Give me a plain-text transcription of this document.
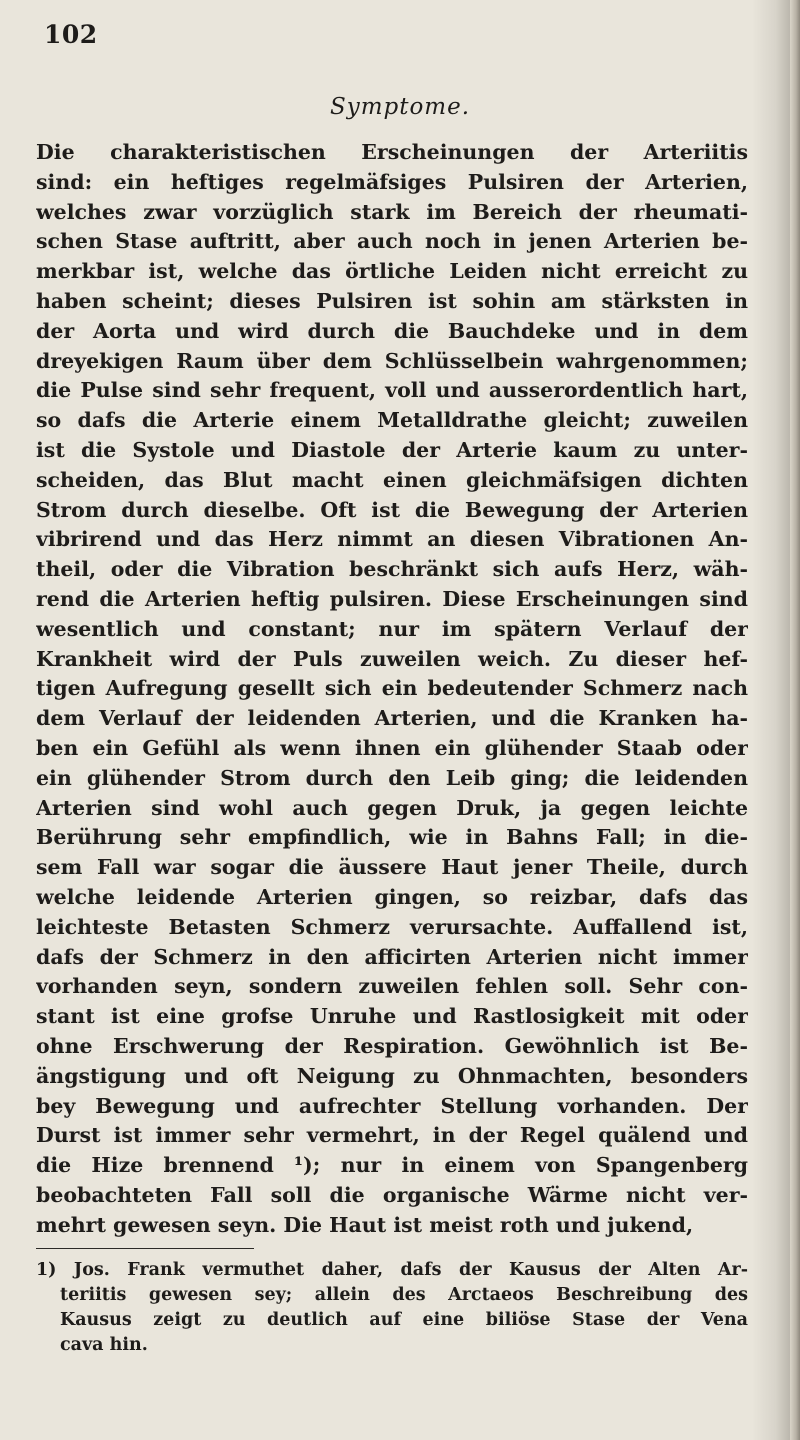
102
Symptome.
Die charakteristischen Erscheinungen der Arteriitis
sind: ein heftiges regelmäfsiges Pulsiren der Arterien,
welches zwar vorzüglich stark im Bereich der rheumati-
schen Stase auftritt, aber auch noch in jenen Arterien be-
merkbar ist, welche das örtliche Leiden nicht erreicht zu
haben scheint; dieses Pulsiren ist sohin am stärksten in
der Aorta und wird durch die Bauchdeke und in dem
dreyekigen Raum über dem Schlüsselbein wahrgenommen;
die Pulse sind sehr frequent, voll und ausserordentlich hart,
so dafs die Arterie einem Metalldrathe gleicht; zuweilen
ist die Systole und Diastole der Arterie kaum zu unter-
scheiden, das Blut macht einen gleichmäfsigen dichten
Strom durch dieselbe. Oft ist die Bewegung der Arterien
vibrirend und das Herz nimmt an diesen Vibrationen An-
theil, oder die Vibration beschränkt sich aufs Herz, wäh-
rend die Arterien heftig pulsiren. Diese Erscheinungen sind
wesentlich und constant; nur im spätern Verlauf der
Krankheit wird der Puls zuweilen weich. Zu dieser hef-
tigen Aufregung gesellt sich ein bedeutender Schmerz nach
dem Verlauf der leidenden Arterien, und die Kranken ha-
ben ein Gefühl als wenn ihnen ein glühender Staab oder
ein glühender Strom durch den Leib ging; die leidenden
Arterien sind wohl auch gegen Druk, ja gegen leichte
Berührung sehr empfindlich, wie in Bahns Fall; in die-
sem Fall war sogar die äussere Haut jener Theile, durch
welche leidende Arterien gingen, so reizbar, dafs das
leichteste Betasten Schmerz verursachte. Auffallend ist,
dafs der Schmerz in den afficirten Arterien nicht immer
vorhanden seyn, sondern zuweilen fehlen soll. Sehr con-
stant ist eine grofse Unruhe und Rastlosigkeit mit oder
ohne Erschwerung der Respiration. Gewöhnlich ist Be-
ängstigung und oft Neigung zu Ohnmachten, besonders
bey Bewegung und aufrechter Stellung vorhanden. Der
Durst ist immer sehr vermehrt, in der Regel quälend und
die Hize brennend ¹); nur in einem von Spangenberg
beobachteten Fall soll die organische Wärme nicht ver-
mehrt gewesen seyn. Die Haut ist meist roth und jukend,
1) Jos. Frank vermuthet daher, dafs der Kausus der Alten Ar-
teriitis gewesen sey; allein des Arctaeos Beschreibung des
Kausus zeigt zu deutlich auf eine biliöse Stase der Vena
cava hin.
